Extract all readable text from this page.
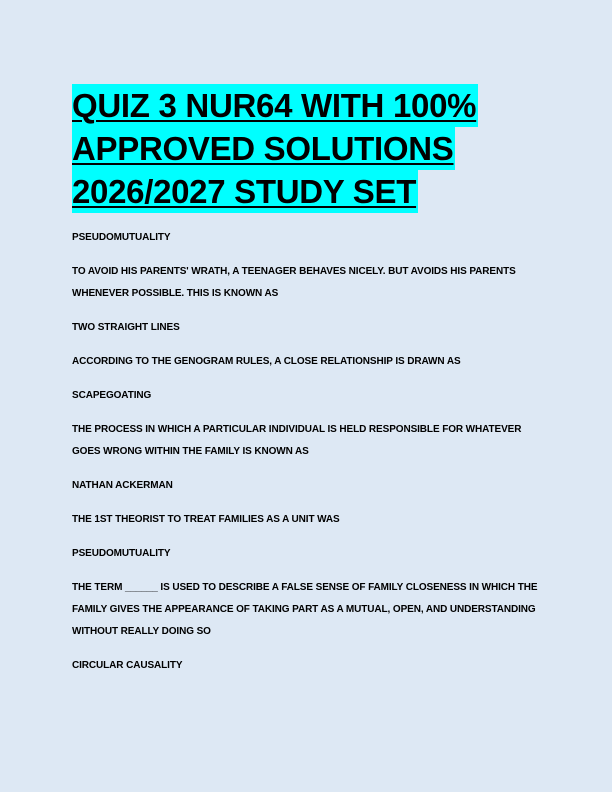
QUIZ 3 NUR64 WITH 100%
APPROVED SOLUTIONS
2026/2027 STUDY SET

PSEUDOMUTUALITY

TO AVOID HIS PARENTS' WRATH, A TEENAGER BEHAVES NICELY. BUT AVOIDS HIS PARENTS WHENEVER POSSIBLE. THIS IS KNOWN AS

TWO STRAIGHT LINES

ACCORDING TO THE GENOGRAM RULES, A CLOSE RELATIONSHIP IS DRAWN AS

SCAPEGOATING

THE PROCESS IN WHICH A PARTICULAR INDIVIDUAL IS HELD RESPONSIBLE FOR WHATEVER GOES WRONG WITHIN THE FAMILY IS KNOWN AS

NATHAN ACKERMAN

THE 1ST THEORIST TO TREAT FAMILIES AS A UNIT WAS

PSEUDOMUTUALITY

THE TERM ______ IS USED TO DESCRIBE A FALSE SENSE OF FAMILY CLOSENESS IN WHICH THE FAMILY GIVES THE APPEARANCE OF TAKING PART AS A MUTUAL, OPEN, AND UNDERSTANDING WITHOUT REALLY DOING SO

CIRCULAR CAUSALITY
